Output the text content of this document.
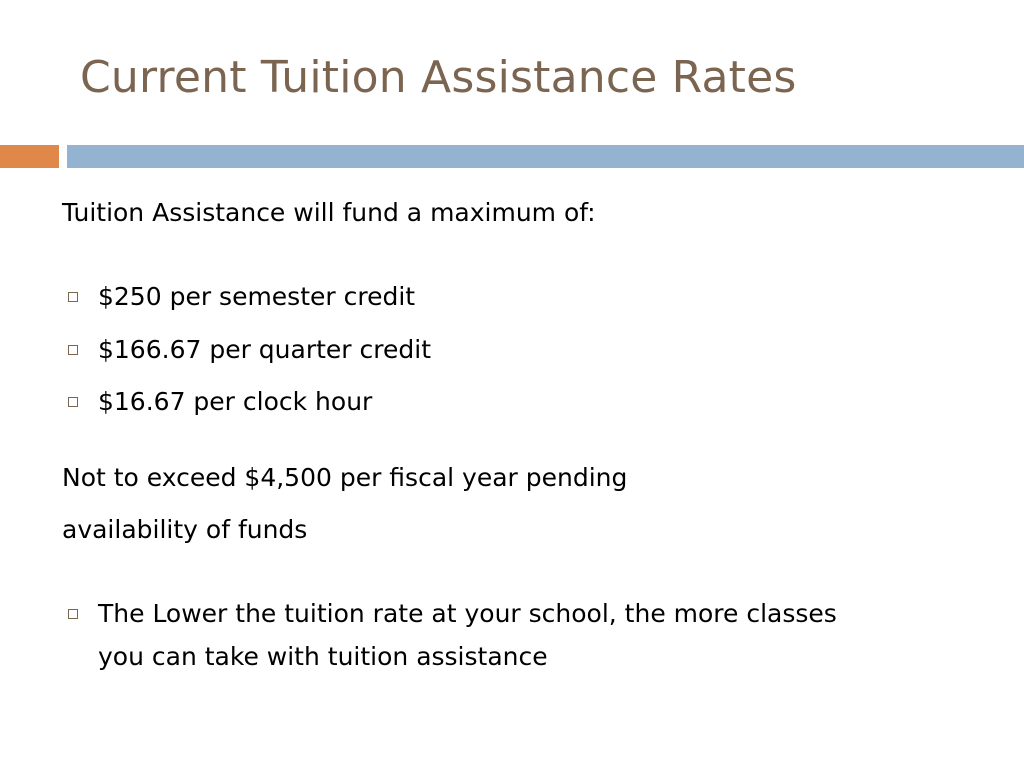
Current Tuition Assistance Rates
Tuition Assistance will fund a maximum of:
$250 per semester credit
$166.67 per quarter credit
$16.67 per clock hour
Not to exceed $4,500 per fiscal year pending
availability of funds
The Lower the tuition rate at your school, the more classes
you can take with tuition assistance
